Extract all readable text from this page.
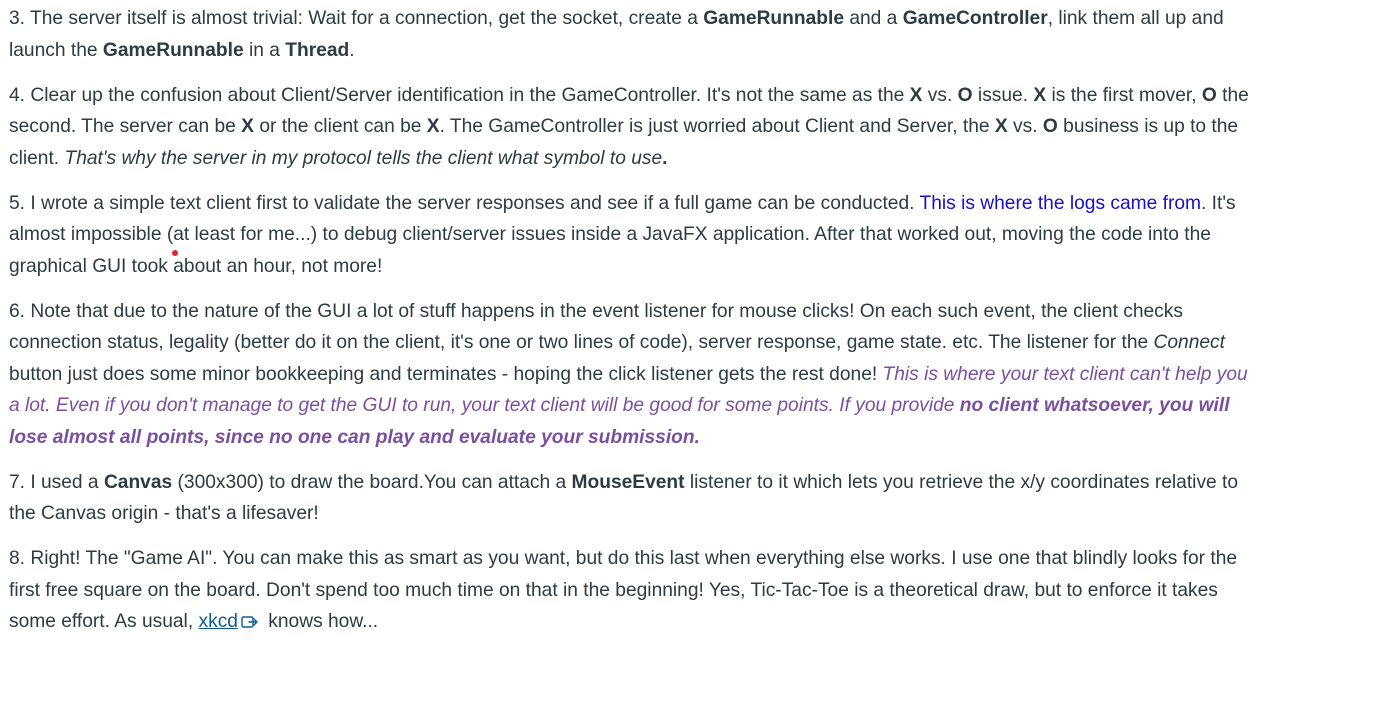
3. The server itself is almost trivial: Wait for a connection, get the socket, create a GameRunnable and a GameController, link them all up and launch the GameRunnable in a Thread.

4. Clear up the confusion about Client/Server identification in the GameController. It's not the same as the X vs. O issue. X is the first mover, O the second. The server can be X or the client can be X. The GameController is just worried about Client and Server, the X vs. O business is up to the client. That's why the server in my protocol tells the client what symbol to use.

5. I wrote a simple text client first to validate the server responses and see if a full game can be conducted. This is where the logs came from. It's almost impossible (at least for me...) to debug client/server issues inside a JavaFX application. After that worked out, moving the code into the graphical GUI took about an hour, not more!

6. Note that due to the nature of the GUI a lot of stuff happens in the event listener for mouse clicks! On each such event, the client checks connection status, legality (better do it on the client, it's one or two lines of code), server response, game state. etc. The listener for the Connect button just does some minor bookkeeping and terminates - hoping the click listener gets the rest done! This is where your text client can't help you a lot. Even if you don't manage to get the GUI to run, your text client will be good for some points. If you provide no client whatsoever, you will lose almost all points, since no one can play and evaluate your submission.

7. I used a Canvas (300x300) to draw the board.You can attach a MouseEvent listener to it which lets you retrieve the x/y coordinates relative to the Canvas origin - that's a lifesaver!

8. Right! The "Game AI". You can make this as smart as you want, but do this last when everything else works. I use one that blindly looks for the first free square on the board. Don't spend too much time on that in the beginning! Yes, Tic-Tac-Toe is a theoretical draw, but to enforce it takes some effort. As usual, xkcd knows how...
